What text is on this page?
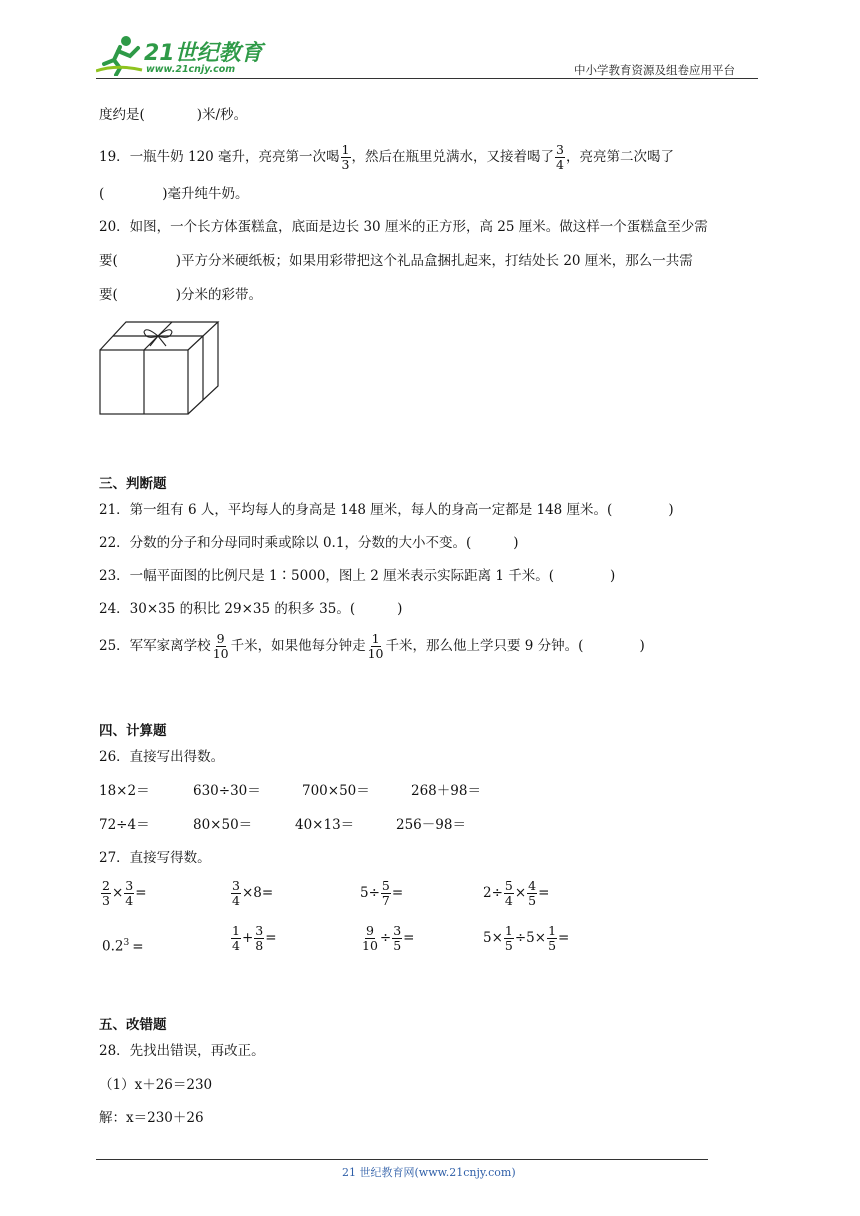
21世纪教育
www.21cnjy.com	中小学教育资源及组卷应用平台
度约是(	)米/秒。
19．一瓶牛奶 120 毫升，亮亮第一次喝 $\frac{1}{3}$ ，然后在瓶里兑满水，又接着喝了 $\frac{3}{4}$ ，亮亮第二次喝了
(	)毫升纯牛奶。
20．如图，一个长方体蛋糕盒，底面是边长 30 厘米的正方形，高 25 厘米。做这样一个蛋糕盒至少需
要(	)平方分米硬纸板；如果用彩带把这个礼品盒捆扎起来，打结处长 20 厘米，那么一共需
要(	)分米的彩带。
三、判断题
21．第一组有 6 人，平均每人的身高是 148 厘米，每人的身高一定都是 148 厘米。(	)
22．分数的分子和分母同时乘或除以 0.1，分数的大小不变。(	)
23．一幅平面图的比例尺是 1∶5000，图上 2 厘米表示实际距离 1 千米。(	)
24．30×35 的积比 29×35 的积多 35。(	)
25．军军家离学校 $\frac{9}{10}$ 千米，如果他每分钟走 $\frac{1}{10}$ 千米，那么他上学只要 9 分钟。(	)
四、计算题
26．直接写出得数。
18×2＝	630÷30＝	700×50＝	268＋98＝
72÷4＝	80×50＝	40×13＝	256－98＝
27．直接写得数。
$\frac{2}{3} \times \frac{3}{4}$ =	$\frac{3}{4} \times 8=$	$5\div \frac{5}{7}$ =	$2\div \frac{5}{4} \times \frac{4}{5}$ =
$0.2^3$ =	$\frac{1}{4} + \frac{3}{8}$ =	$\frac{9}{10} \div \frac{3}{5}$ =	$5\times \frac{1}{5} \div 5\times \frac{1}{5}$ =
五、改错题
28．先找出错误，再改正。
（1）x＋26＝230
解：x＝230＋26
21 世纪教育网(www.21cnjy.com)
